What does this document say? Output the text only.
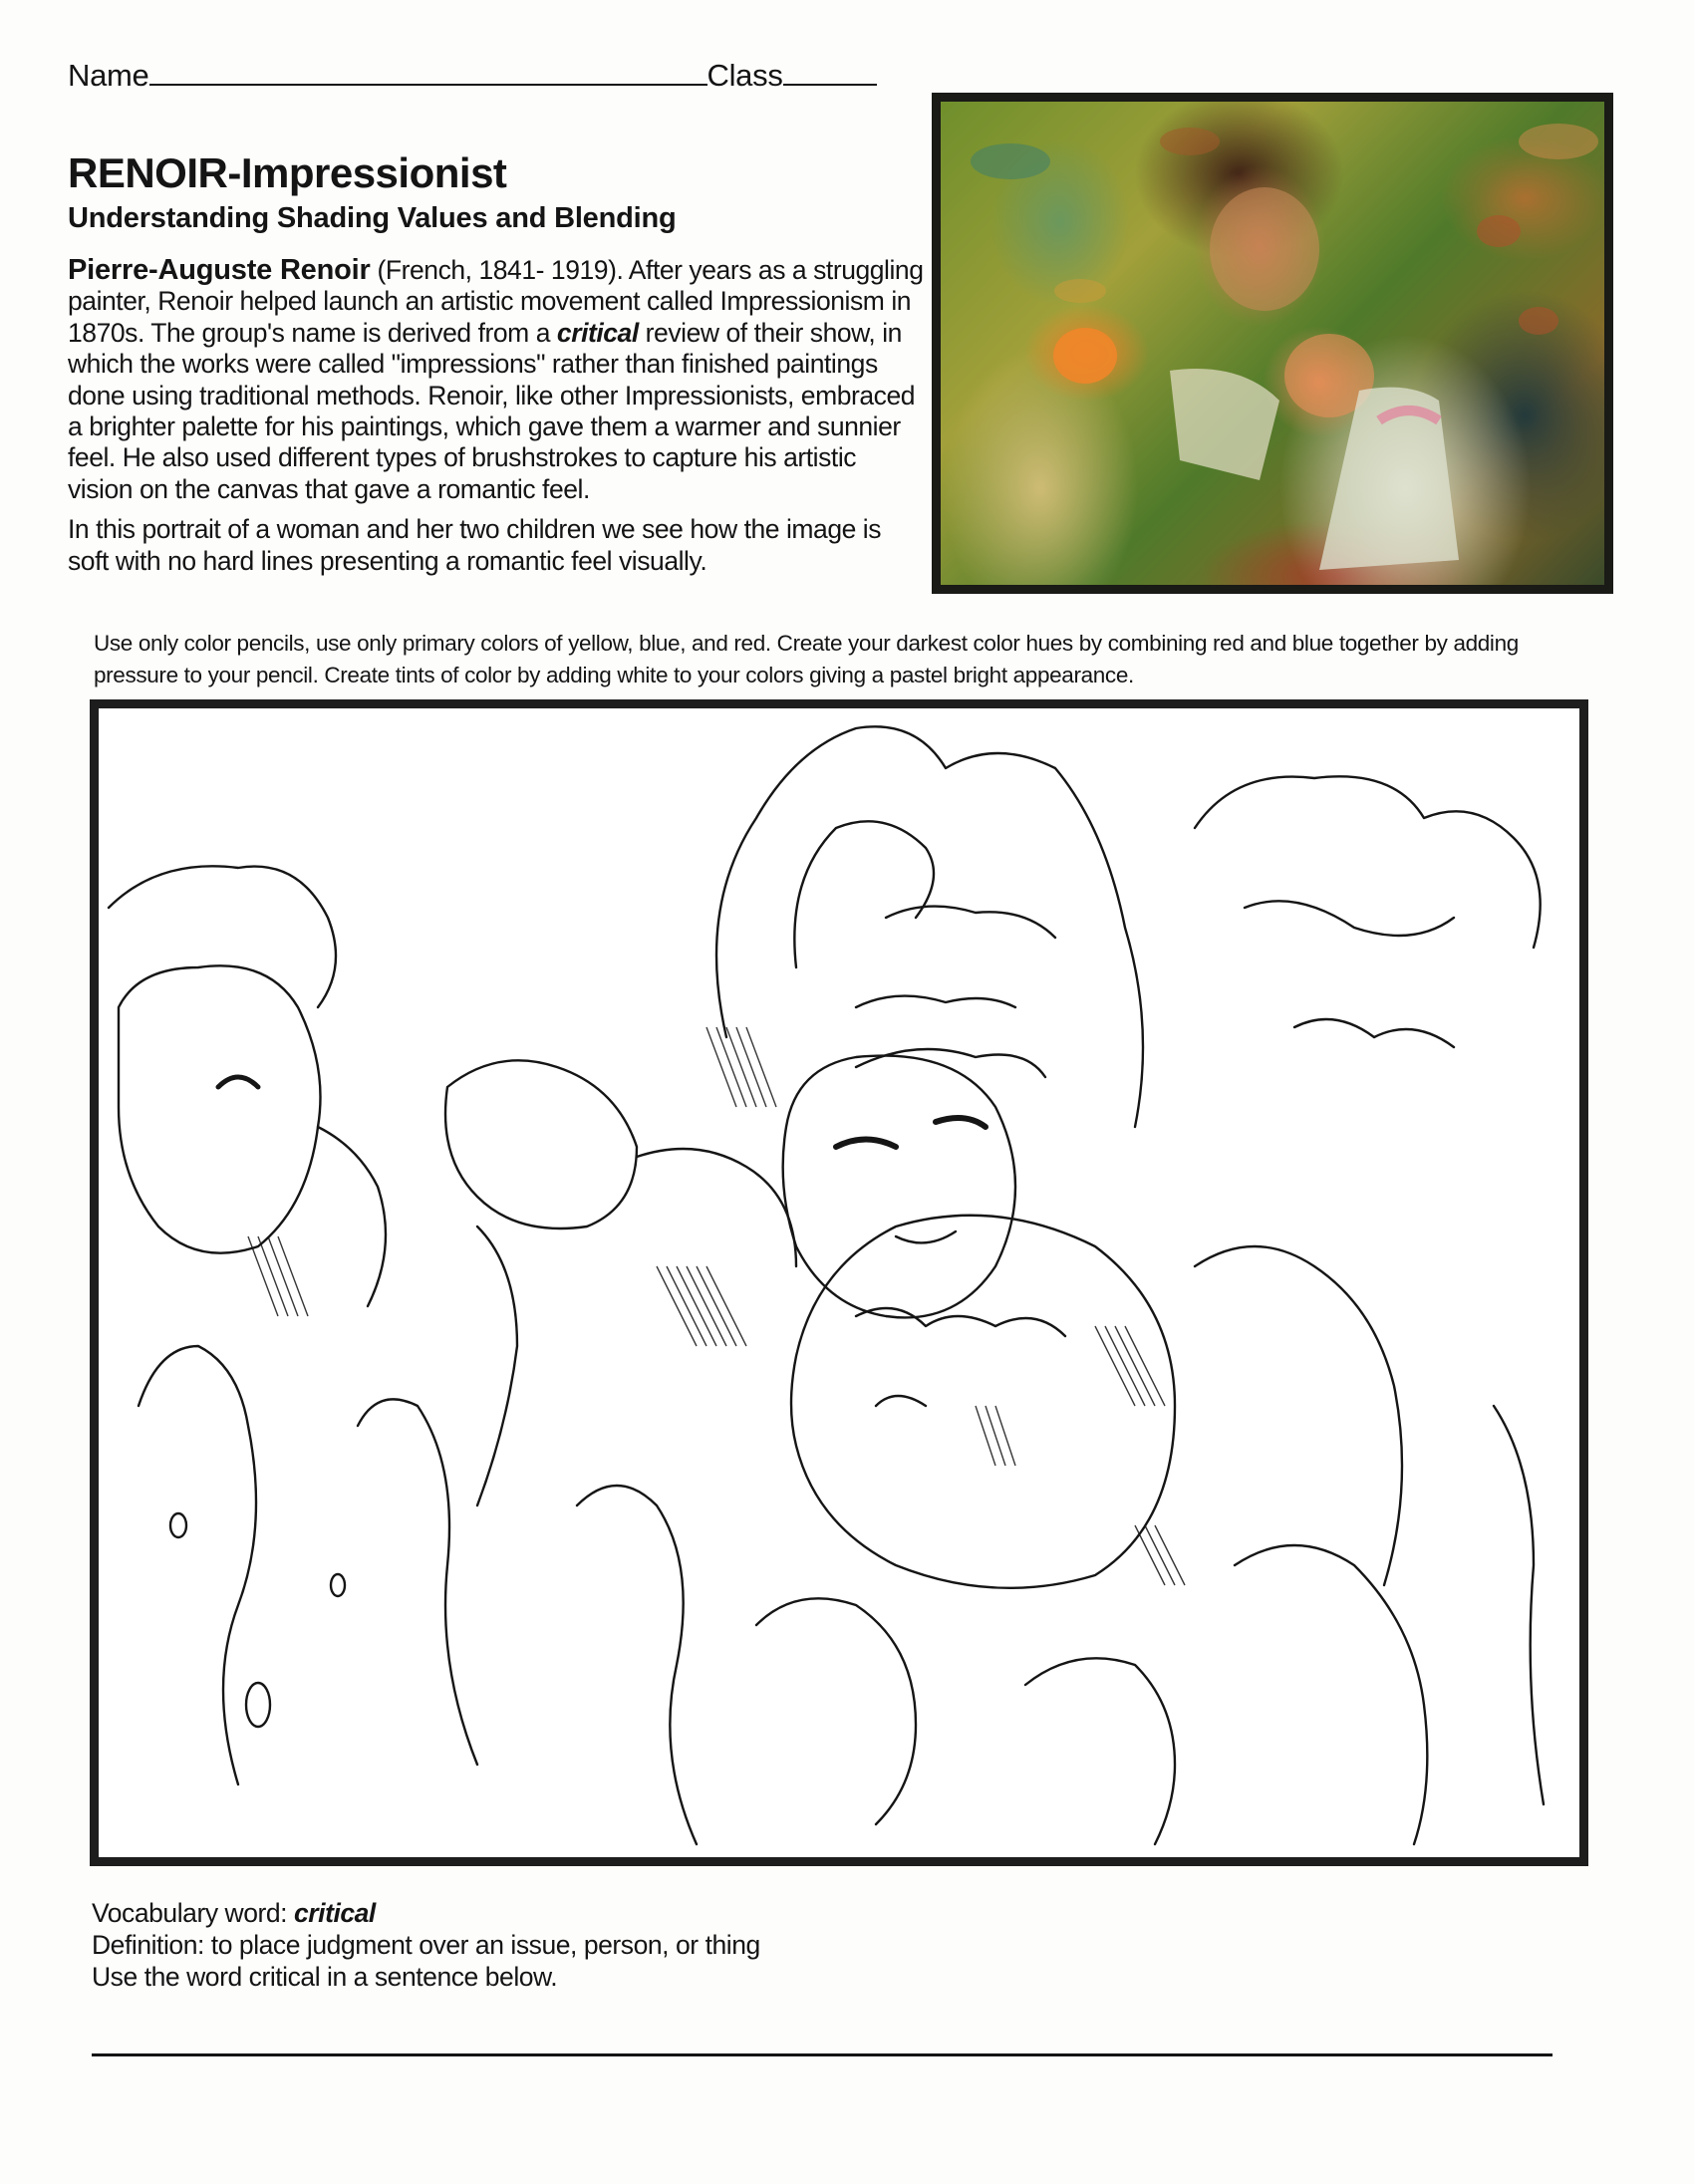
Name	Class
RENOIR-Impressionist
Understanding Shading Values and Blending

Pierre-Auguste Renoir (French, 1841- 1919). After years as a struggling painter, Renoir helped launch an artistic movement called Impressionism in 1870s. The group's name is derived from a critical review of their show, in which the works were called "impressions" rather than finished paintings done using traditional methods. Renoir, like other Impressionists, embraced a brighter palette for his paintings, which gave them a warmer and sunnier feel. He also used different types of brushstrokes to capture his artistic vision on the canvas that gave a romantic feel.

In this portrait of a woman and her two children we see how the image is soft with no hard lines presenting a romantic feel visually.

Use only color pencils, use only primary colors of yellow, blue, and red. Create your darkest color hues by combining red and blue together by adding pressure to your pencil. Create tints of color by adding white to your colors giving a pastel bright appearance.
Vocabulary word: critical
Definition: to place judgment over an issue, person, or thing
Use the word critical in a sentence below.
